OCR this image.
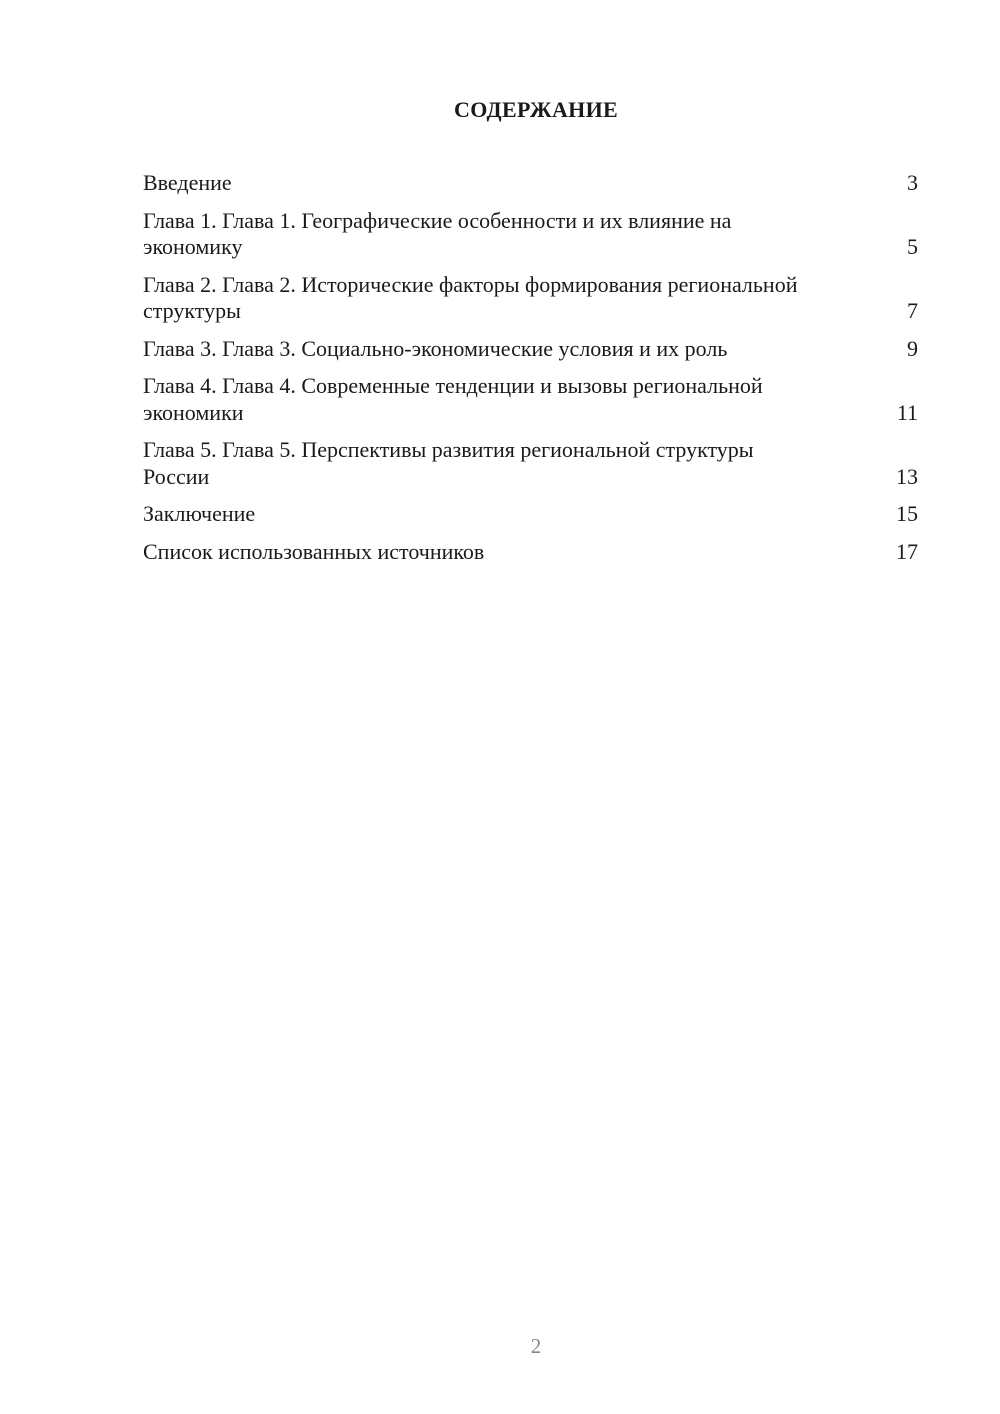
СОДЕРЖАНИЕ
Введение	3
Глава 1. Глава 1. Географические особенности и их влияние на экономику	5
Глава 2. Глава 2. Исторические факторы формирования региональной структуры	7
Глава 3. Глава 3. Социально-экономические условия и их роль	9
Глава 4. Глава 4. Современные тенденции и вызовы региональной экономики	11
Глава 5. Глава 5. Перспективы развития региональной структуры России	13
Заключение	15
Список использованных источников	17
2
